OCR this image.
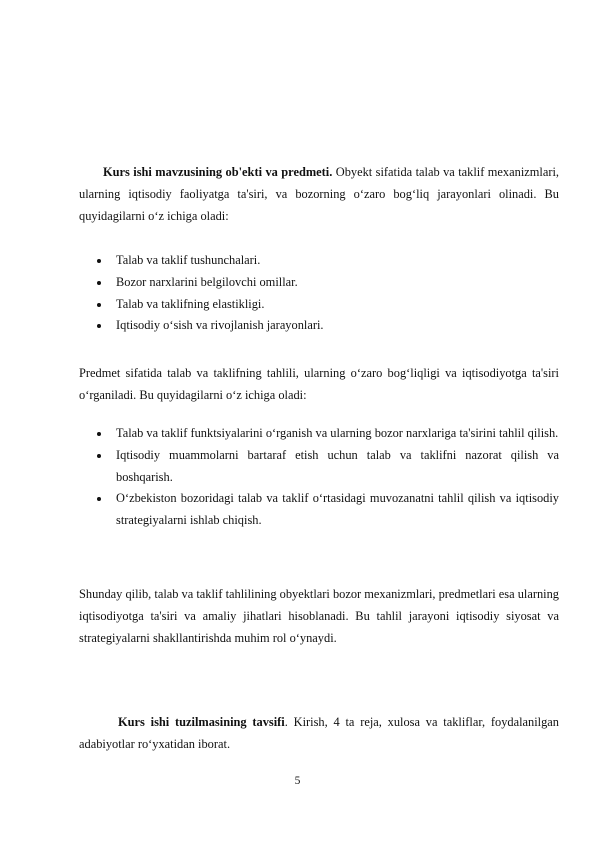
Kurs ishi mavzusining ob'ekti va predmeti. Obyekt sifatida talab va taklif mexanizmlari, ularning iqtisodiy faoliyatga ta'siri, va bozorning o‘zaro bog‘liq jarayonlari olinadi. Bu quyidagilarni o‘z ichiga oladi:

Talab va taklif tushunchalari.
Bozor narxlarini belgilovchi omillar.
Talab va taklifning elastikligi.
Iqtisodiy o‘sish va rivojlanish jarayonlari.

Predmet sifatida talab va taklifning tahlili, ularning o‘zaro bog‘liqligi va iqtisodiyotga ta'siri o‘rganiladi. Bu quyidagilarni o‘z ichiga oladi:

Talab va taklif funktsiyalarini o‘rganish va ularning bozor narxlariga ta'sirini tahlil qilish.
Iqtisodiy muammolarni bartaraf etish uchun talab va taklifni nazorat qilish va boshqarish.
O‘zbekiston bozoridagi talab va taklif o‘rtasidagi muvozanatni tahlil qilish va iqtisodiy strategiyalarni ishlab chiqish.

Shunday qilib, talab va taklif tahlilining obyektlari bozor mexanizmlari, predmetlari esa ularning iqtisodiyotga ta'siri va amaliy jihatlari hisoblanadi. Bu tahlil jarayoni iqtisodiy siyosat va strategiyalarni shakllantirishda muhim rol o‘ynaydi.

Kurs ishi tuzilmasining tavsifi. Kirish, 4 ta reja, xulosa va takliflar, foydalanilgan adabiyotlar ro‘yxatidan iborat.

5
